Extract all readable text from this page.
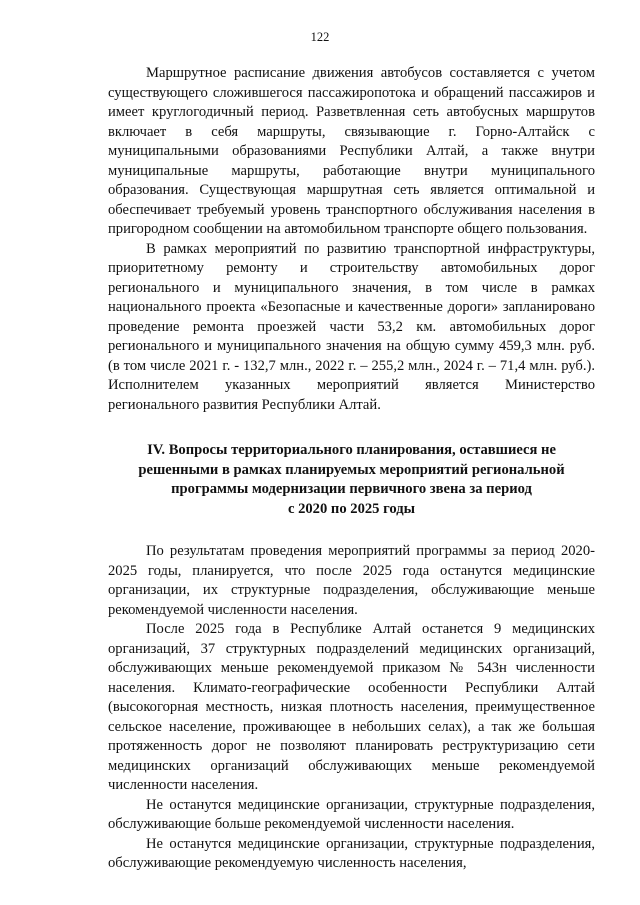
122

Маршрутное расписание движения автобусов составляется с учетом существующего сложившегося пассажиропотока и обращений пассажиров и имеет круглогодичный период. Разветвленная сеть автобусных маршрутов включает в себя маршруты, связывающие г. Горно-Алтайск с муниципальными образованиями Республики Алтай, а также внутри муниципальные маршруты, работающие внутри муниципального образования. Существующая маршрутная сеть является оптимальной и обеспечивает требуемый уровень транспортного обслуживания населения в пригородном сообщении на автомобильном транспорте общего пользования.

В рамках мероприятий по развитию транспортной инфраструктуры, приоритетному ремонту и строительству автомобильных дорог регионального и муниципального значения, в том числе в рамках национального проекта «Безопасные и качественные дороги» запланировано проведение ремонта проезжей части 53,2 км. автомобильных дорог регионального и муниципального значения на общую сумму 459,3 млн. руб. (в том числе 2021 г. - 132,7 млн., 2022 г. – 255,2 млн., 2024 г. – 71,4 млн. руб.). Исполнителем указанных мероприятий является Министерство регионального развития Республики Алтай.

IV. Вопросы территориального планирования, оставшиеся не
решенными в рамках планируемых мероприятий региональной
программы модернизации первичного звена за период
с 2020 по 2025 годы

По результатам проведения мероприятий программы за период 2020-2025 годы, планируется, что после 2025 года останутся медицинские организации, их структурные подразделения, обслуживающие меньше рекомендуемой численности населения.

После 2025 года в Республике Алтай останется 9 медицинских организаций, 37 структурных подразделений медицинских организаций, обслуживающих меньше рекомендуемой приказом № 543н численности населения. Климато-географические особенности Республики Алтай (высокогорная местность, низкая плотность населения, преимущественное сельское население, проживающее в небольших селах), а так же большая протяженность дорог не позволяют планировать реструктуризацию сети медицинских организаций обслуживающих меньше рекомендуемой численности населения.

Не останутся медицинские организации, структурные подразделения, обслуживающие больше рекомендуемой численности населения.

Не останутся медицинские организации, структурные подразделения, обслуживающие рекомендуемую численность населения,
